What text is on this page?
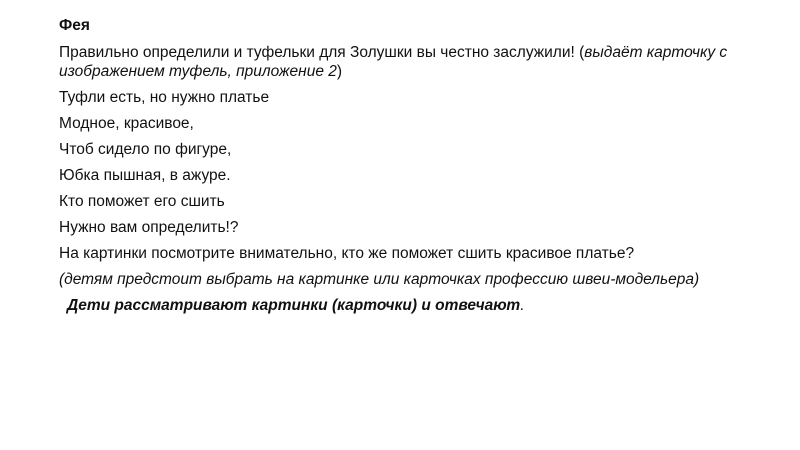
Фея
Правильно определили и туфельки для Золушки вы честно заслужили! (выдаёт карточку с изображением туфель, приложение 2)
Туфли есть, но нужно платье
Модное, красивое,
Чтоб сидело по фигуре,
Юбка пышная, в ажуре.
Кто поможет его сшить
Нужно вам определить!?
На картинки посмотрите внимательно, кто же поможет сшить красивое платье?
(детям предстоит выбрать на картинке или карточках профессию швеи-модельера)
Дети рассматривают картинки (карточки) и отвечают.
